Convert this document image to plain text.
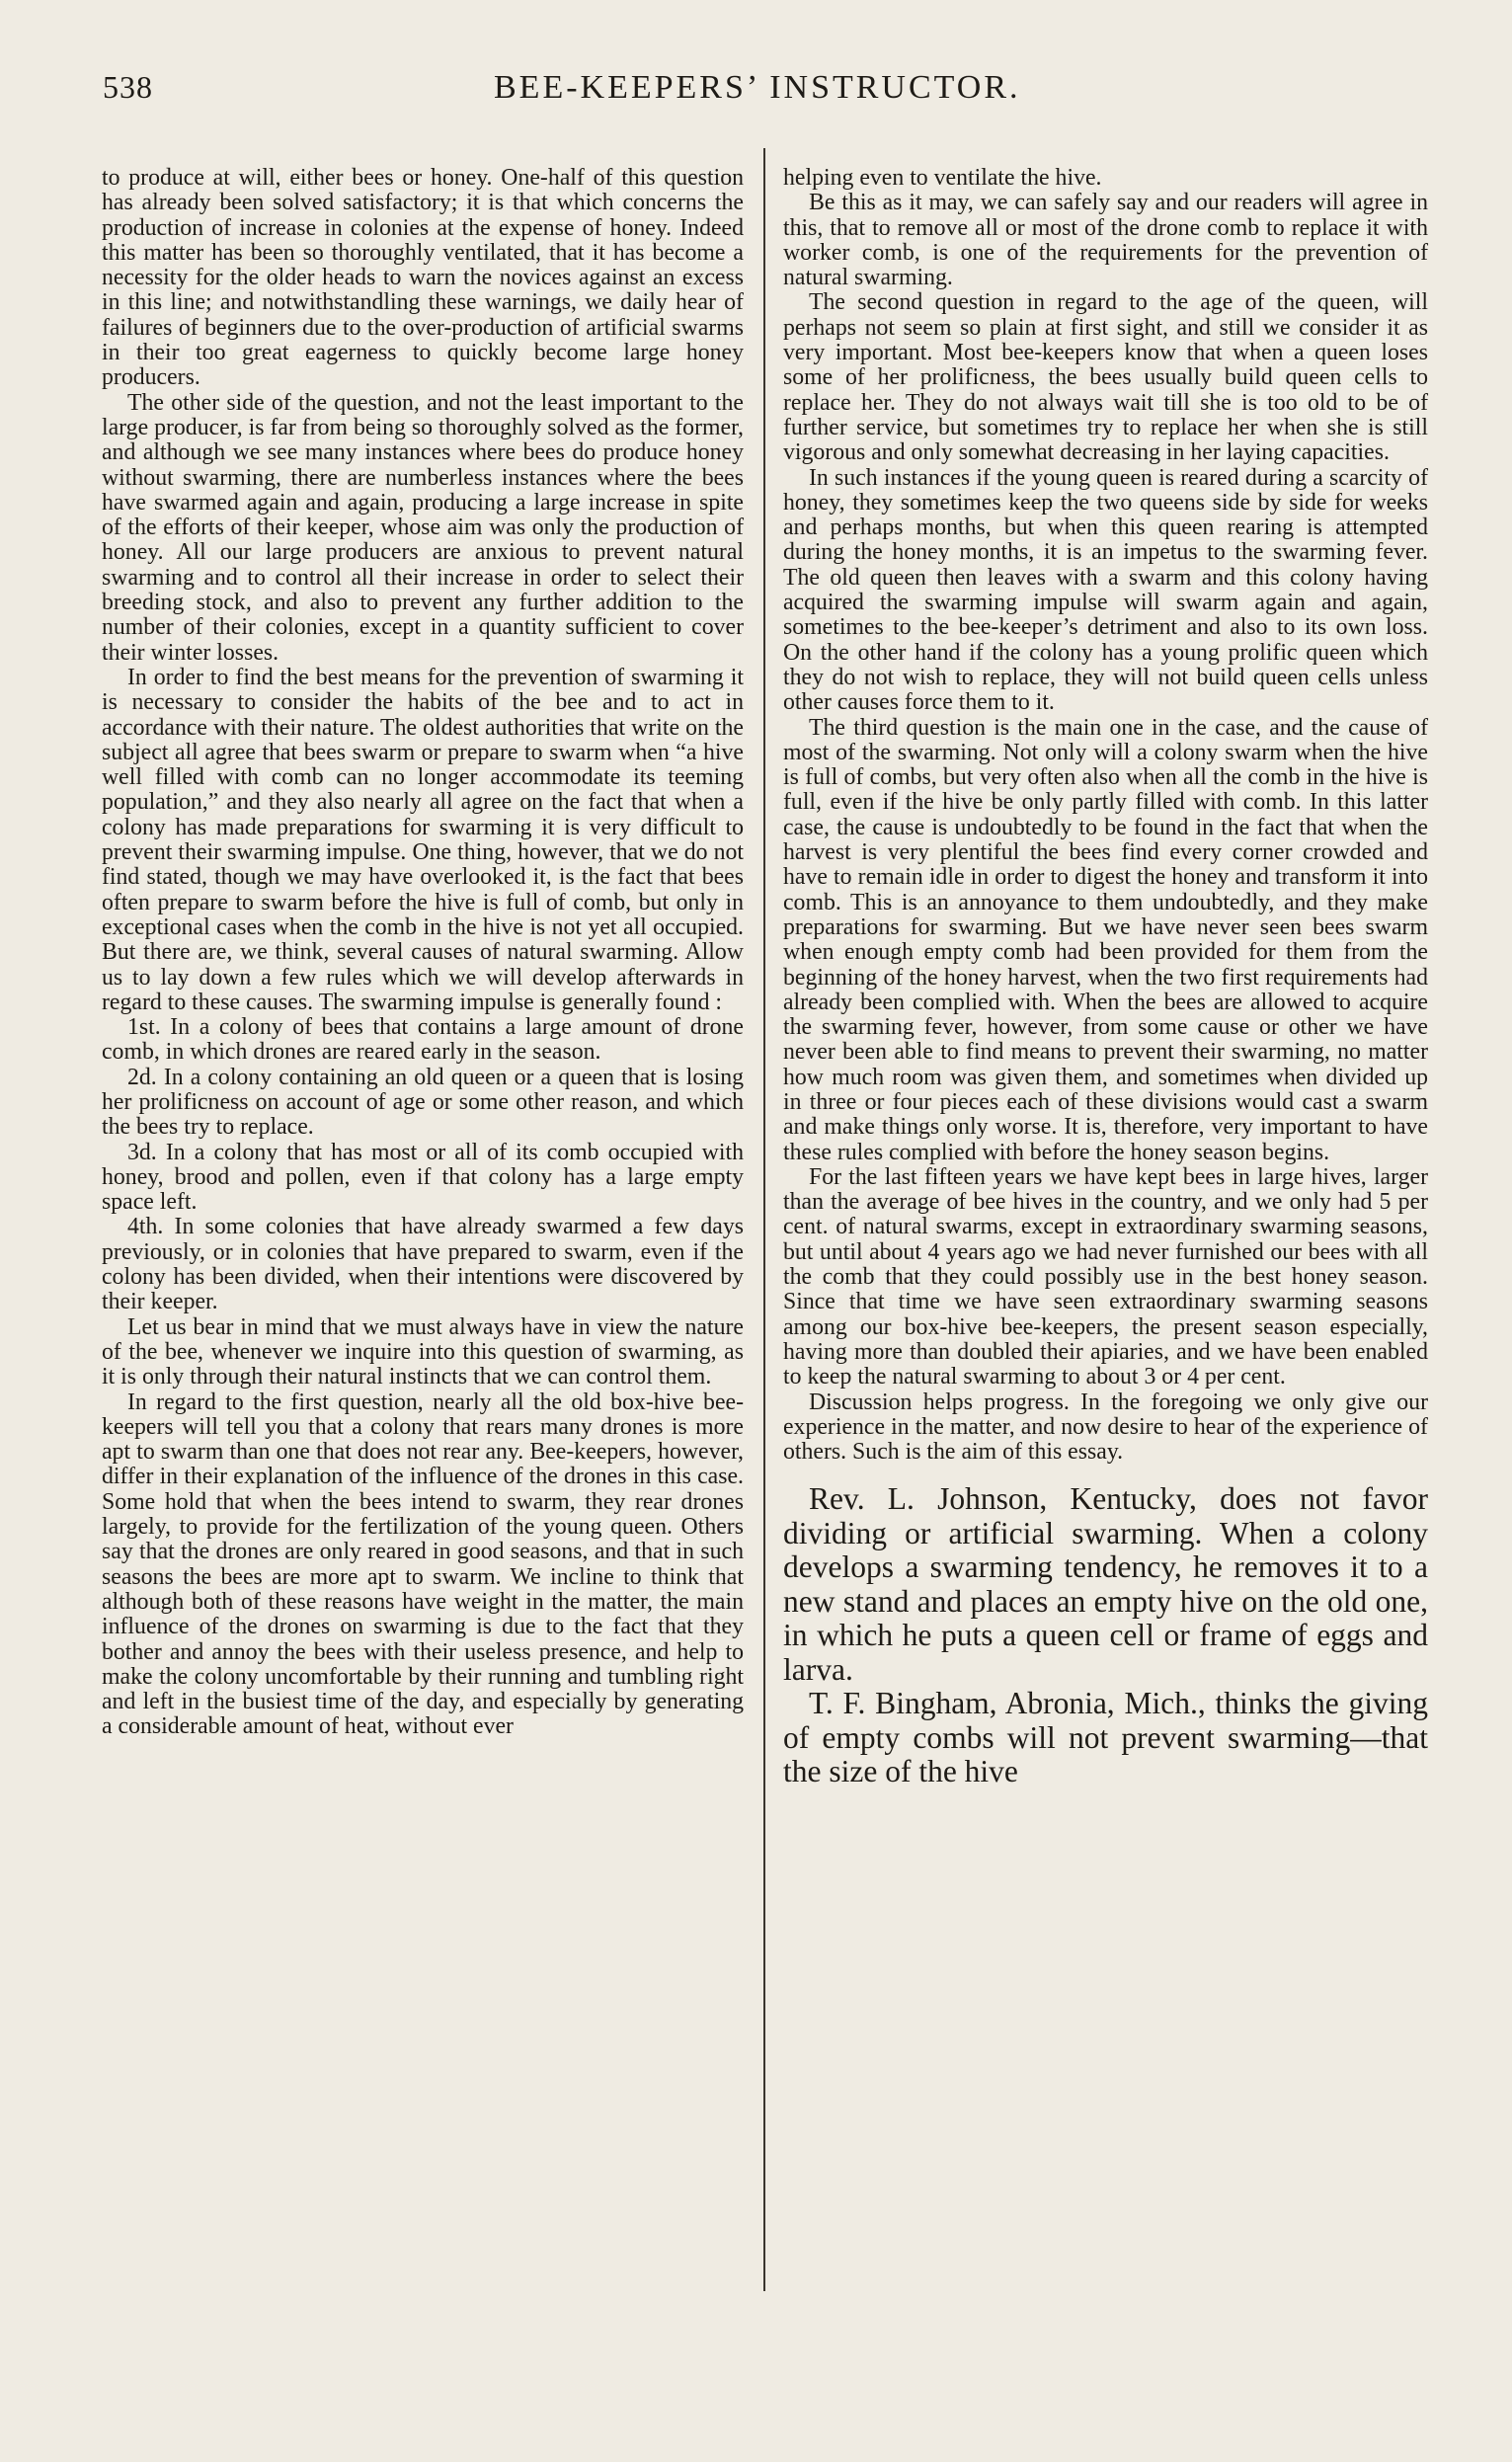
538	BEE-KEEPERS’ INSTRUCTOR.

to produce at will, either bees or honey. One-half of this question has already been solved satisfactory; it is that which concerns the production of increase in colonies at the expense of honey. Indeed this matter has been so thoroughly ventilated, that it has become a necessity for the older heads to warn the novices against an excess in this line; and notwithstandling these warnings, we daily hear of failures of beginners due to the over-production of artificial swarms in their too great eagerness to quickly become large honey producers.

The other side of the question, and not the least important to the large producer, is far from being so thoroughly solved as the former, and although we see many instances where bees do produce honey without swarming, there are numberless instances where the bees have swarmed again and again, producing a large increase in spite of the efforts of their keeper, whose aim was only the production of honey. All our large producers are anxious to prevent natural swarming and to control all their increase in order to select their breeding stock, and also to prevent any further addition to the number of their colonies, except in a quantity sufficient to cover their winter losses.

In order to find the best means for the prevention of swarming it is necessary to consider the habits of the bee and to act in accordance with their nature. The oldest authorities that write on the subject all agree that bees swarm or prepare to swarm when “a hive well filled with comb can no longer accommodate its teeming population,” and they also nearly all agree on the fact that when a colony has made preparations for swarming it is very difficult to prevent their swarming impulse. One thing, however, that we do not find stated, though we may have overlooked it, is the fact that bees often prepare to swarm before the hive is full of comb, but only in exceptional cases when the comb in the hive is not yet all occupied. But there are, we think, several causes of natural swarming. Allow us to lay down a few rules which we will develop afterwards in regard to these causes. The swarming impulse is generally found :

1st. In a colony of bees that contains a large amount of drone comb, in which drones are reared early in the season.

2d. In a colony containing an old queen or a queen that is losing her prolificness on account of age or some other reason, and which the bees try to replace.

3d. In a colony that has most or all of its comb occupied with honey, brood and pollen, even if that colony has a large empty space left.

4th. In some colonies that have already swarmed a few days previously, or in colonies that have prepared to swarm, even if the colony has been divided, when their intentions were discovered by their keeper.

Let us bear in mind that we must always have in view the nature of the bee, whenever we inquire into this question of swarming, as it is only through their natural instincts that we can control them.

In regard to the first question, nearly all the old box-hive bee-keepers will tell you that a colony that rears many drones is more apt to swarm than one that does not rear any. Bee-keepers, however, differ in their explanation of the influence of the drones in this case. Some hold that when the bees intend to swarm, they rear drones largely, to provide for the fertilization of the young queen. Others say that the drones are only reared in good seasons, and that in such seasons the bees are more apt to swarm. We incline to think that although both of these reasons have weight in the matter, the main influence of the drones on swarming is due to the fact that they bother and annoy the bees with their useless presence, and help to make the colony uncomfortable by their running and tumbling right and left in the busiest time of the day, and especially by generating a considerable amount of heat, without ever

helping even to ventilate the hive.

Be this as it may, we can safely say and our readers will agree in this, that to remove all or most of the drone comb to replace it with worker comb, is one of the requirements for the prevention of natural swarming.

The second question in regard to the age of the queen, will perhaps not seem so plain at first sight, and still we consider it as very important. Most bee-keepers know that when a queen loses some of her prolificness, the bees usually build queen cells to replace her. They do not always wait till she is too old to be of further service, but sometimes try to replace her when she is still vigorous and only somewhat decreasing in her laying capacities.

In such instances if the young queen is reared during a scarcity of honey, they sometimes keep the two queens side by side for weeks and perhaps months, but when this queen rearing is attempted during the honey months, it is an impetus to the swarming fever. The old queen then leaves with a swarm and this colony having acquired the swarming impulse will swarm again and again, sometimes to the bee-keeper’s detriment and also to its own loss. On the other hand if the colony has a young prolific queen which they do not wish to replace, they will not build queen cells unless other causes force them to it.

The third question is the main one in the case, and the cause of most of the swarming. Not only will a colony swarm when the hive is full of combs, but very often also when all the comb in the hive is full, even if the hive be only partly filled with comb. In this latter case, the cause is undoubtedly to be found in the fact that when the harvest is very plentiful the bees find every corner crowded and have to remain idle in order to digest the honey and transform it into comb. This is an annoyance to them undoubtedly, and they make preparations for swarming. But we have never seen bees swarm when enough empty comb had been provided for them from the beginning of the honey harvest, when the two first requirements had already been complied with. When the bees are allowed to acquire the swarming fever, however, from some cause or other we have never been able to find means to prevent their swarming, no matter how much room was given them, and sometimes when divided up in three or four pieces each of these divisions would cast a swarm and make things only worse. It is, therefore, very important to have these rules complied with before the honey season begins.

For the last fifteen years we have kept bees in large hives, larger than the average of bee hives in the country, and we only had 5 per cent. of natural swarms, except in extraordinary swarming seasons, but until about 4 years ago we had never furnished our bees with all the comb that they could possibly use in the best honey season. Since that time we have seen extraordinary swarming seasons among our box-hive bee-keepers, the present season especially, having more than doubled their apiaries, and we have been enabled to keep the natural swarming to about 3 or 4 per cent.

Discussion helps progress. In the foregoing we only give our experience in the matter, and now desire to hear of the experience of others. Such is the aim of this essay.

Rev. L. Johnson, Kentucky, does not favor dividing or artificial swarming. When a colony develops a swarming tendency, he removes it to a new stand and places an empty hive on the old one, in which he puts a queen cell or frame of eggs and larva.

T. F. Bingham, Abronia, Mich., thinks the giving of empty combs will not prevent swarming—that the size of the hive
